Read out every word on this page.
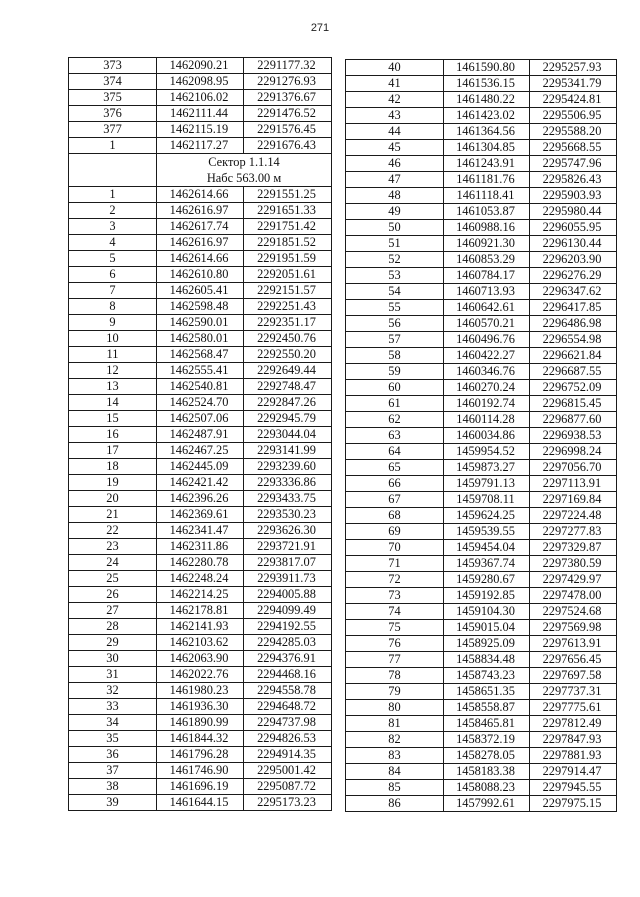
271
373	1462090.21	2291177.32
374	1462098.95	2291276.93
375	1462106.02	2291376.67
376	1462111.44	2291476.52
377	1462115.19	2291576.45
1	1462117.27	2291676.43

	Сектор 1.1.14
Набс 563.00 м	

1	1462614.66	2291551.25
2	1462616.97	2291651.33
3	1462617.74	2291751.42
4	1462616.97	2291851.52
5	1462614.66	2291951.59
6	1462610.80	2292051.61
7	1462605.41	2292151.57
8	1462598.48	2292251.43
9	1462590.01	2292351.17
10	1462580.01	2292450.76
11	1462568.47	2292550.20
12	1462555.41	2292649.44
13	1462540.81	2292748.47
14	1462524.70	2292847.26
15	1462507.06	2292945.79
16	1462487.91	2293044.04
17	1462467.25	2293141.99
18	1462445.09	2293239.60
19	1462421.42	2293336.86
20	1462396.26	2293433.75
21	1462369.61	2293530.23
22	1462341.47	2293626.30
23	1462311.86	2293721.91
24	1462280.78	2293817.07
25	1462248.24	2293911.73
26	1462214.25	2294005.88
27	1462178.81	2294099.49
28	1462141.93	2294192.55
29	1462103.62	2294285.03
30	1462063.90	2294376.91
31	1462022.76	2294468.16
32	1461980.23	2294558.78
33	1461936.30	2294648.72
34	1461890.99	2294737.98
35	1461844.32	2294826.53
36	1461796.28	2294914.35
37	1461746.90	2295001.42
38	1461696.19	2295087.72
39	1461644.15	2295173.23
40	1461590.80	2295257.93
41	1461536.15	2295341.79
42	1461480.22	2295424.81
43	1461423.02	2295506.95
44	1461364.56	2295588.20
45	1461304.85	2295668.55
46	1461243.91	2295747.96
47	1461181.76	2295826.43
48	1461118.41	2295903.93
49	1461053.87	2295980.44
50	1460988.16	2296055.95
51	1460921.30	2296130.44
52	1460853.29	2296203.90
53	1460784.17	2296276.29
54	1460713.93	2296347.62
55	1460642.61	2296417.85
56	1460570.21	2296486.98
57	1460496.76	2296554.98
58	1460422.27	2296621.84
59	1460346.76	2296687.55
60	1460270.24	2296752.09
61	1460192.74	2296815.45
62	1460114.28	2296877.60
63	1460034.86	2296938.53
64	1459954.52	2296998.24
65	1459873.27	2297056.70
66	1459791.13	2297113.91
67	1459708.11	2297169.84
68	1459624.25	2297224.48
69	1459539.55	2297277.83
70	1459454.04	2297329.87
71	1459367.74	2297380.59
72	1459280.67	2297429.97
73	1459192.85	2297478.00
74	1459104.30	2297524.68
75	1459015.04	2297569.98
76	1458925.09	2297613.91
77	1458834.48	2297656.45
78	1458743.23	2297697.58
79	1458651.35	2297737.31
80	1458558.87	2297775.61
81	1458465.81	2297812.49
82	1458372.19	2297847.93
83	1458278.05	2297881.93
84	1458183.38	2297914.47
85	1458088.23	2297945.55
86	1457992.61	2297975.15
